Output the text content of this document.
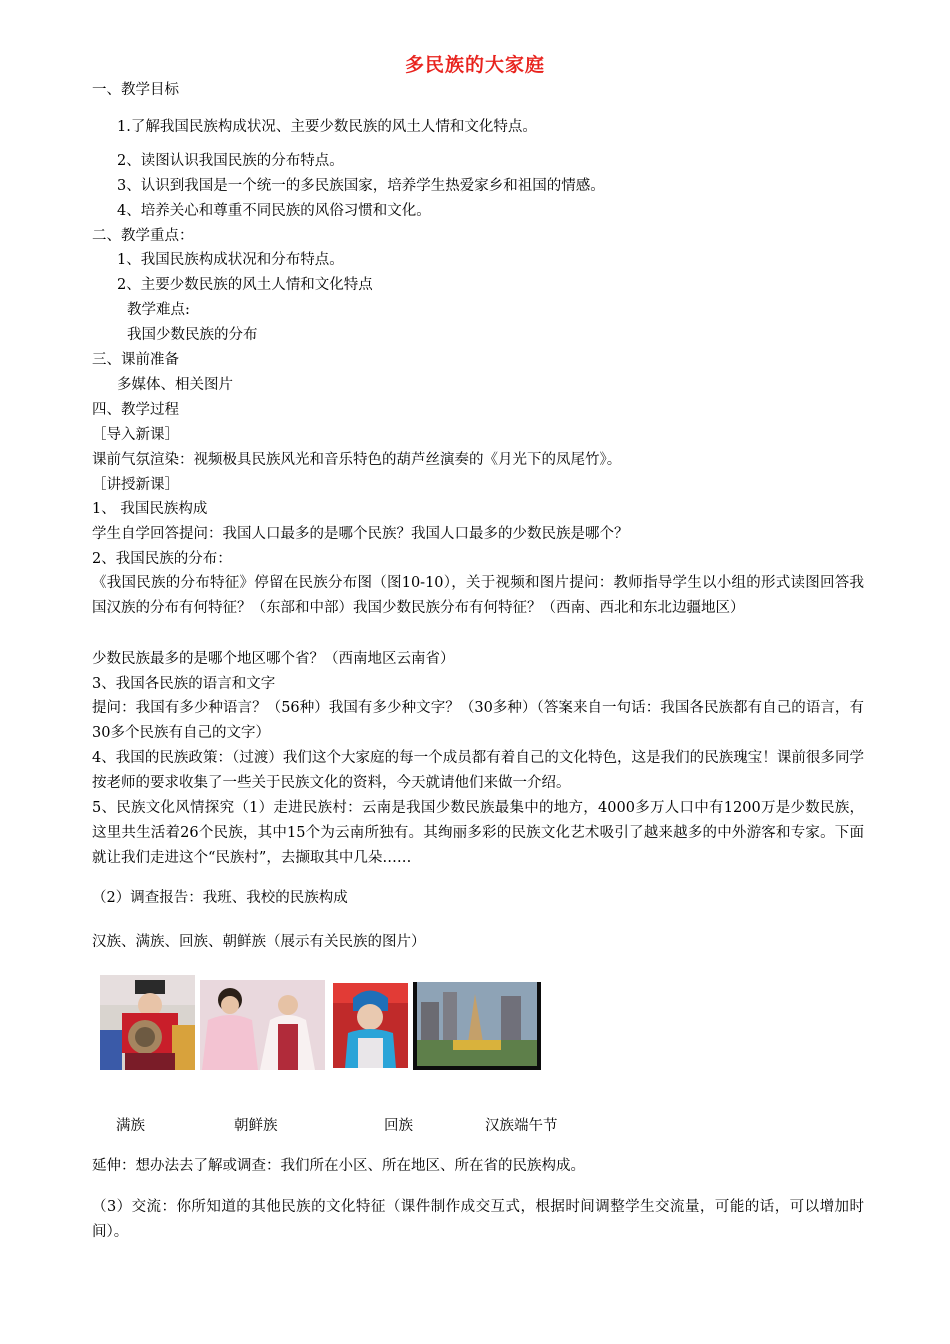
多民族的大家庭
一、教学目标
1.了解我国民族构成状况、主要少数民族的风土人情和文化特点。
2、读图认识我国民族的分布特点。
3、认识到我国是一个统一的多民族国家，培养学生热爱家乡和祖国的情感。
4、培养关心和尊重不同民族的风俗习惯和文化。
二、教学重点：
1、我国民族构成状况和分布特点。
2、主要少数民族的风土人情和文化特点
教学难点:
我国少数民族的分布
三、课前准备
多媒体、相关图片
四、教学过程
［导入新课］
课前气氛渲染：视频极具民族风光和音乐特色的葫芦丝演奏的《月光下的凤尾竹》。
［讲授新课］
1、 我国民族构成
学生自学回答提问：我国人口最多的是哪个民族？我国人口最多的少数民族是哪个？
2、我国民族的分布：
《我国民族的分布特征》停留在民族分布图（图10-10），关于视频和图片提问：教师指导学生以小组的形式读图回答我国汉族的分布有何特征？（东部和中部）我国少数民族分布有何特征？（西南、西北和东北边疆地区）
少数民族最多的是哪个地区哪个省？（西南地区云南省）
3、我国各民族的语言和文字
提问：我国有多少种语言？（56种）我国有多少种文字？（30多种）（答案来自一句话：我国各民族都有自己的语言，有30多个民族有自己的文字）
4、我国的民族政策：（过渡）我们这个大家庭的每一个成员都有着自己的文化特色，这是我们的民族瑰宝！课前很多同学按老师的要求收集了一些关于民族文化的资料，今天就请他们来做一介绍。
5、民族文化风情探究（1）走进民族村：云南是我国少数民族最集中的地方，4000多万人口中有1200万是少数民族，这里共生活着26个民族，其中15个为云南所独有。其绚丽多彩的民族文化艺术吸引了越来越多的中外游客和专家。下面就让我们走进这个“民族村”，去撷取其中几朵……
（2）调查报告：我班、我校的民族构成
汉族、满族、回族、朝鲜族（展示有关民族的图片）
满族	朝鲜族	回族	汉族端午节
延伸：想办法去了解或调查：我们所在小区、所在地区、所在省的民族构成。
（3）交流：你所知道的其他民族的文化特征（课件制作成交互式，根据时间调整学生交流量，可能的话，可以增加时间）。
